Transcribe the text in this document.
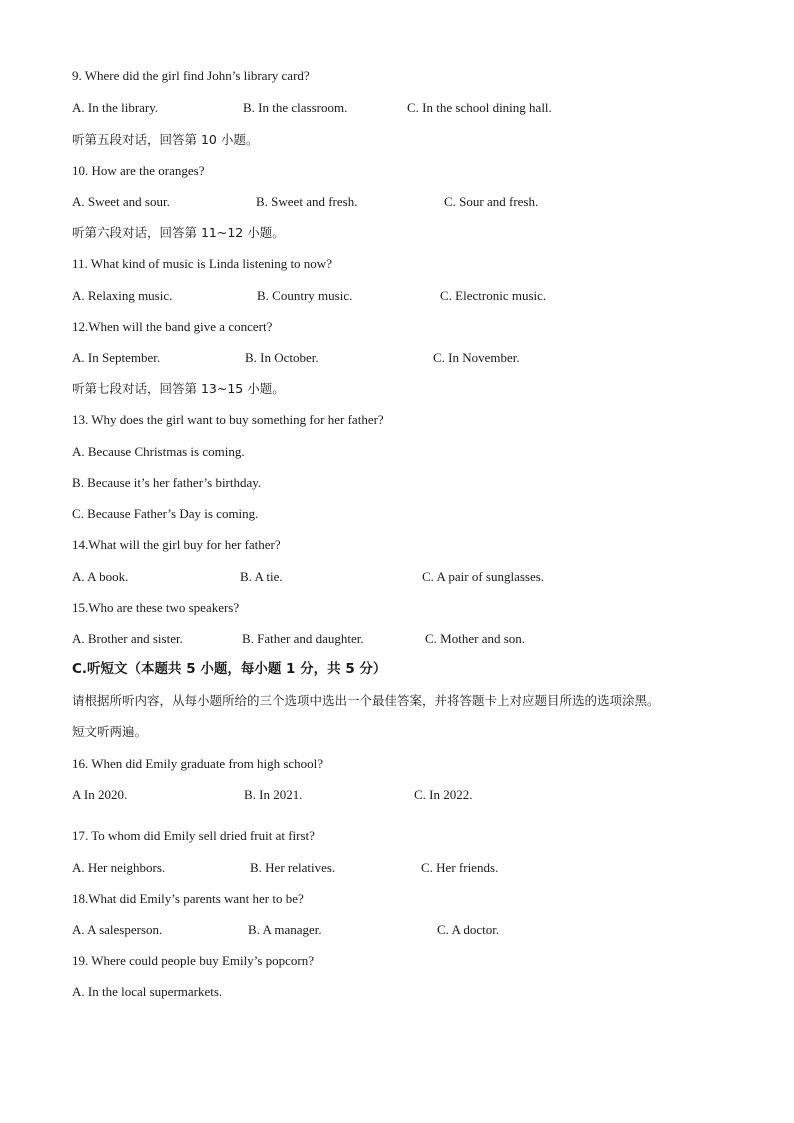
9. Where did the girl find John’s library card?
A. In the library.	B. In the classroom.	C. In the school dining hall.
听第五段对话，回答第 10 小题。
10. How are the oranges?
A. Sweet and sour.	B. Sweet and fresh.	C. Sour and fresh.
听第六段对话，回答第 11~12 小题。
11. What kind of music is Linda listening to now?
A. Relaxing music.	B. Country music.	C. Electronic music.
12.When will the band give a concert?
A. In September.	B. In October.	C. In November.
听第七段对话，回答第 13~15 小题。
13. Why does the girl want to buy something for her father?
A. Because Christmas is coming.
B. Because it’s her father’s birthday.
C. Because Father’s Day is coming.
14.What will the girl buy for her father?
A. A book.	B. A tie.	C. A pair of sunglasses.
15.Who are these two speakers?
A. Brother and sister.	B. Father and daughter.	C. Mother and son.
C.听短文（本题共 5 小题，每小题 1 分，共 5 分）
请根据所听内容，从每小题所给的三个选项中选出一个最佳答案，并将答题卡上对应题目所选的选项涂黑。
短文听两遍。
16. When did Emily graduate from high school?
A In 2020.	B. In 2021.	C. In 2022.
17. To whom did Emily sell dried fruit at first?
A. Her neighbors.	B. Her relatives.	C. Her friends.
18.What did Emily’s parents want her to be?
A. A salesperson.	B. A manager.	C. A doctor.
19. Where could people buy Emily’s popcorn?
A. In the local supermarkets.
